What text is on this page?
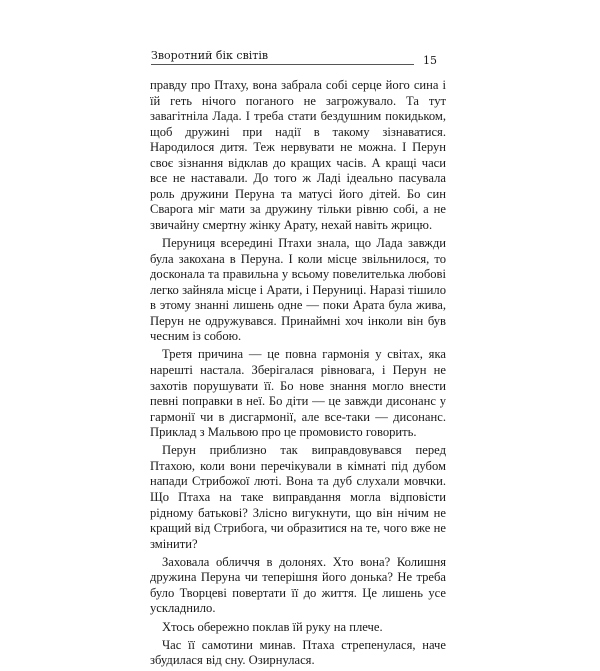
Зворотний бік світів	15

правду про Птаху, вона забрала собі серце його сина і їй геть нічого поганого не загрожувало. Та тут завагітніла Лада. І треба стати бездушним покидьком, щоб дружині при надії в такому зізнаватися. Народилося дитя. Теж нервувати не можна. І Перун своє зізнання відклав до кращих часів. А кращі часи все не наставали. До того ж Ладі ідеально пасувала роль дружини Перуна та матусі його дітей. Бо син Сварога міг мати за дружину тільки рівню собі, а не звичайну смертну жінку Арату, нехай навіть жрицю.

Перуниця всередині Птахи знала, що Лада завжди була закохана в Перуна. І коли місце звільнилося, то досконала та правильна у всьому повелителька любові легко зайняла місце і Арати, і Перуниці. Наразі тішило в этому знанні лишень одне — поки Арата була жива, Перун не одружувався. Принаймні хоч інколи він був чесним із собою.

Третя причина — це повна гармонія у світах, яка нарешті настала. Зберігалася рівновага, і Перун не захотів порушувати її. Бо нове знання могло внести певні поправки в неї. Бо діти — це завжди дисонанс у гармонії чи в дисгармонії, але все-таки — дисонанс. Приклад з Мальвою про це промовисто говорить.

Перун приблизно так виправдовувався перед Птахою, коли вони перечікували в кімнаті під дубом напади Стрибожої люті. Вона та дуб слухали мовчки. Що Птаха на таке виправдання могла відповісти рідному батькові? Злісно вигукнути, що він нічим не кращий від Стрибога, чи образитися на те, чого вже не змінити?

Заховала обличчя в долонях. Хто вона? Колишня дружина Перуна чи теперішня його донька? Не треба було Творцеві повертати її до життя. Це лишень усе ускладнило.

Хтось обережно поклав їй руку на плече.

Час її самотини минав. Птаха стрепенулася, наче збудилася від сну. Озирнулася.
